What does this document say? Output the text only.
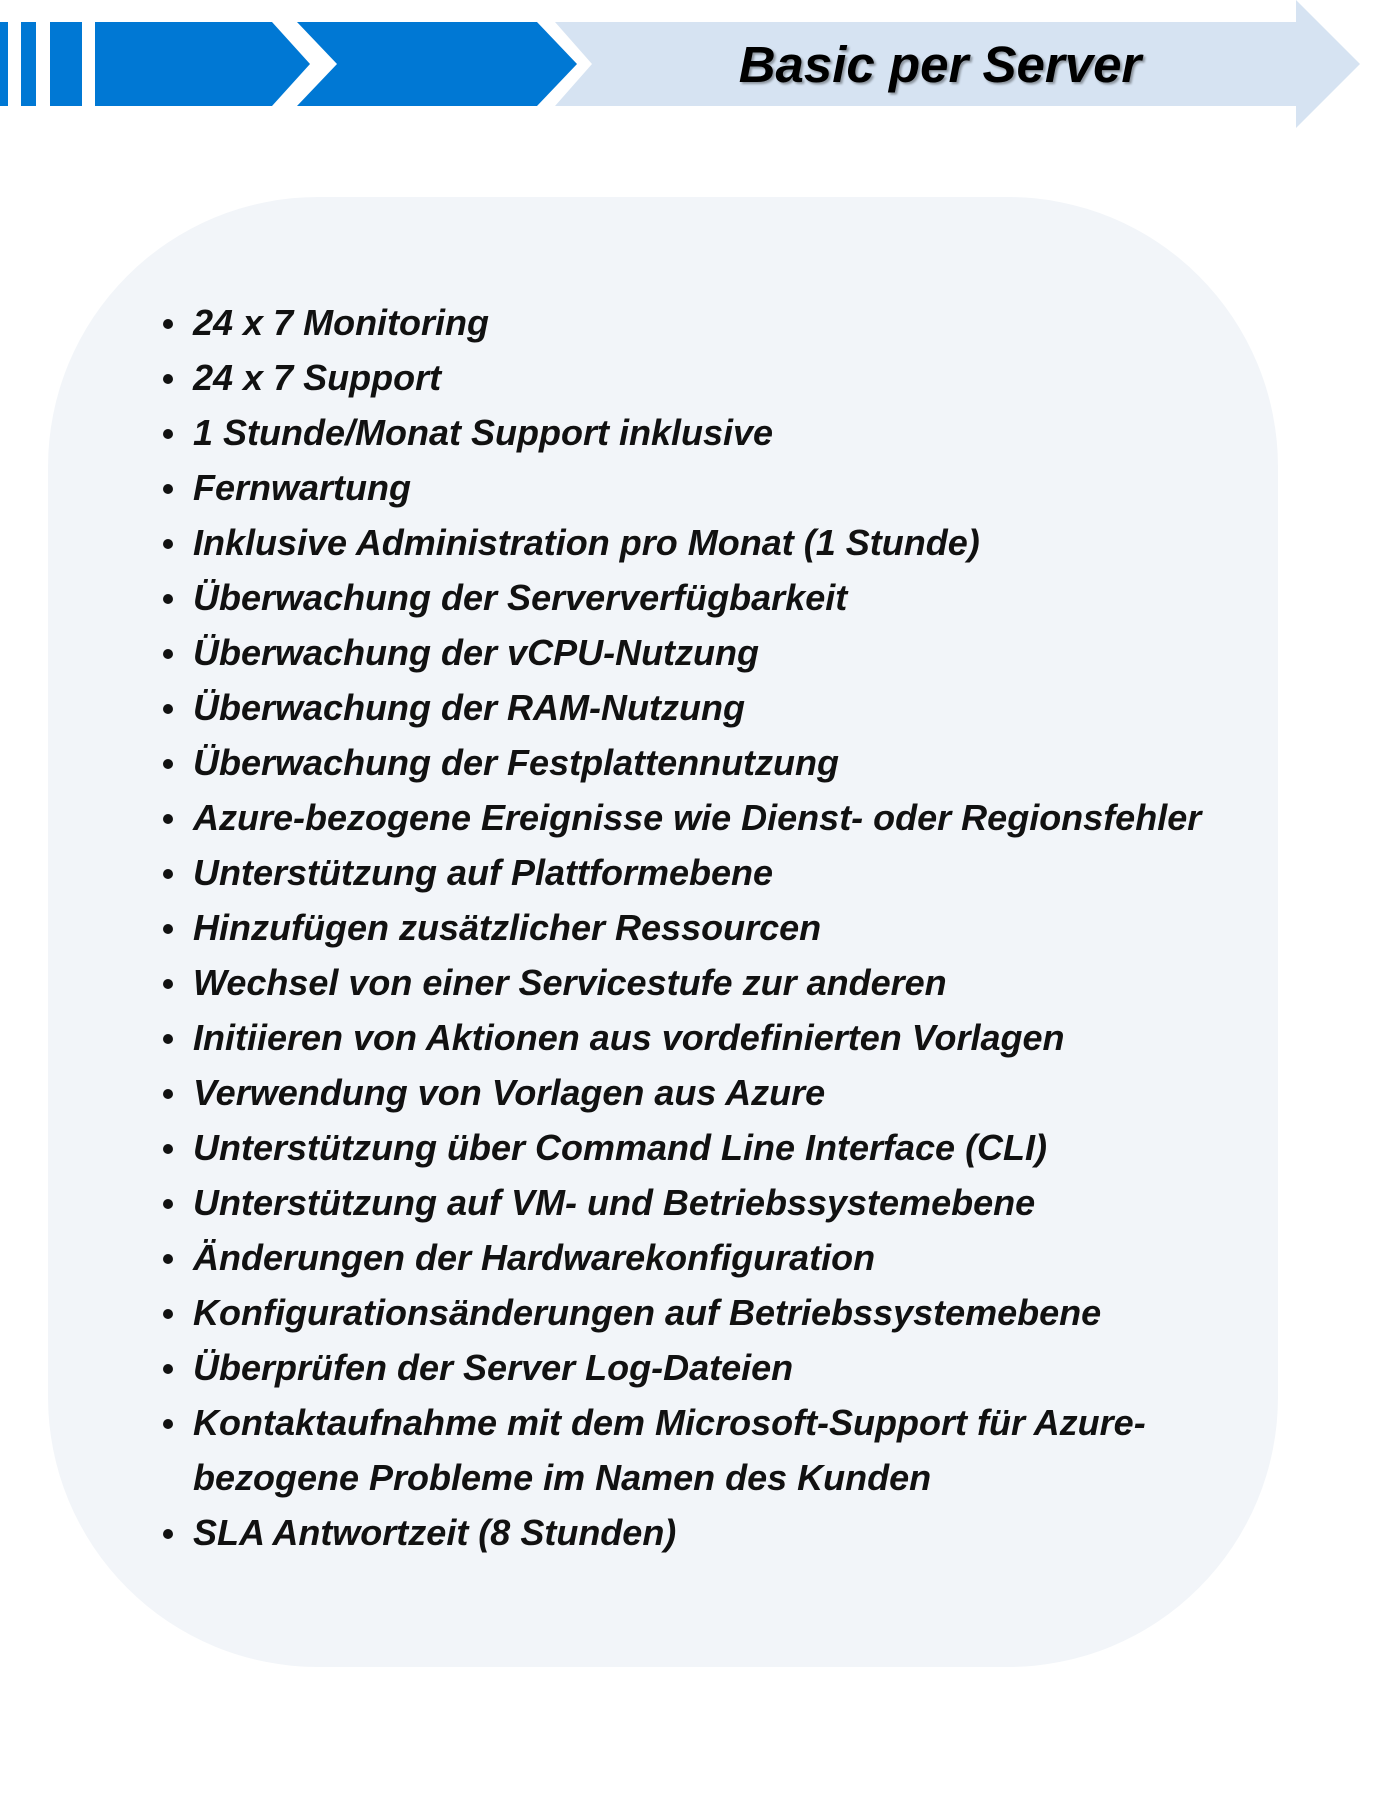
Basic per Server
24 x 7 Monitoring
24 x 7 Support
1 Stunde/Monat Support inklusive
Fernwartung
Inklusive Administration pro Monat (1 Stunde)
Überwachung der Serververfügbarkeit
Überwachung der vCPU-Nutzung
Überwachung der RAM-Nutzung
Überwachung der Festplattennutzung
Azure-bezogene Ereignisse wie Dienst- oder Regionsfehler
Unterstützung auf Plattformebene
Hinzufügen zusätzlicher Ressourcen
Wechsel von einer Servicestufe zur anderen
Initiieren von Aktionen aus vordefinierten Vorlagen
Verwendung von Vorlagen aus Azure
Unterstützung über Command Line Interface (CLI)
Unterstützung auf VM- und Betriebssystemebene
Änderungen der Hardwarekonfiguration
Konfigurationsänderungen auf Betriebssystemebene
Überprüfen der Server Log-Dateien
Kontaktaufnahme mit dem Microsoft-Support für Azure-bezogene Probleme im Namen des Kunden
SLA Antwortzeit (8 Stunden)
